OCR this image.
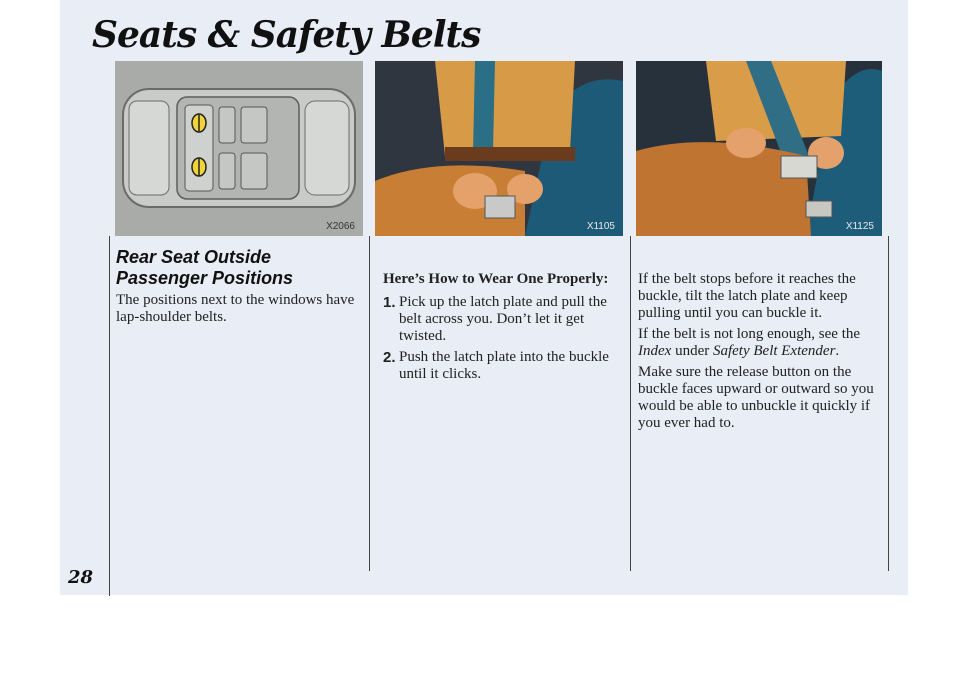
Seats & Safety Belts
X2066	X1105	X1125
Rear Seat Outside Passenger Positions

The positions next to the windows have lap-shoulder belts.

Here’s How to Wear One Properly:
1. Pick up the latch plate and pull the belt across you. Don’t let it get twisted.
2. Push the latch plate into the buckle until it clicks.

If the belt stops before it reaches the buckle, tilt the latch plate and keep pulling until you can buckle it.

If the belt is not long enough, see the Index under Safety Belt Extender.

Make sure the release button on the buckle faces upward or outward so you would be able to unbuckle it quickly if you ever had to.

28
